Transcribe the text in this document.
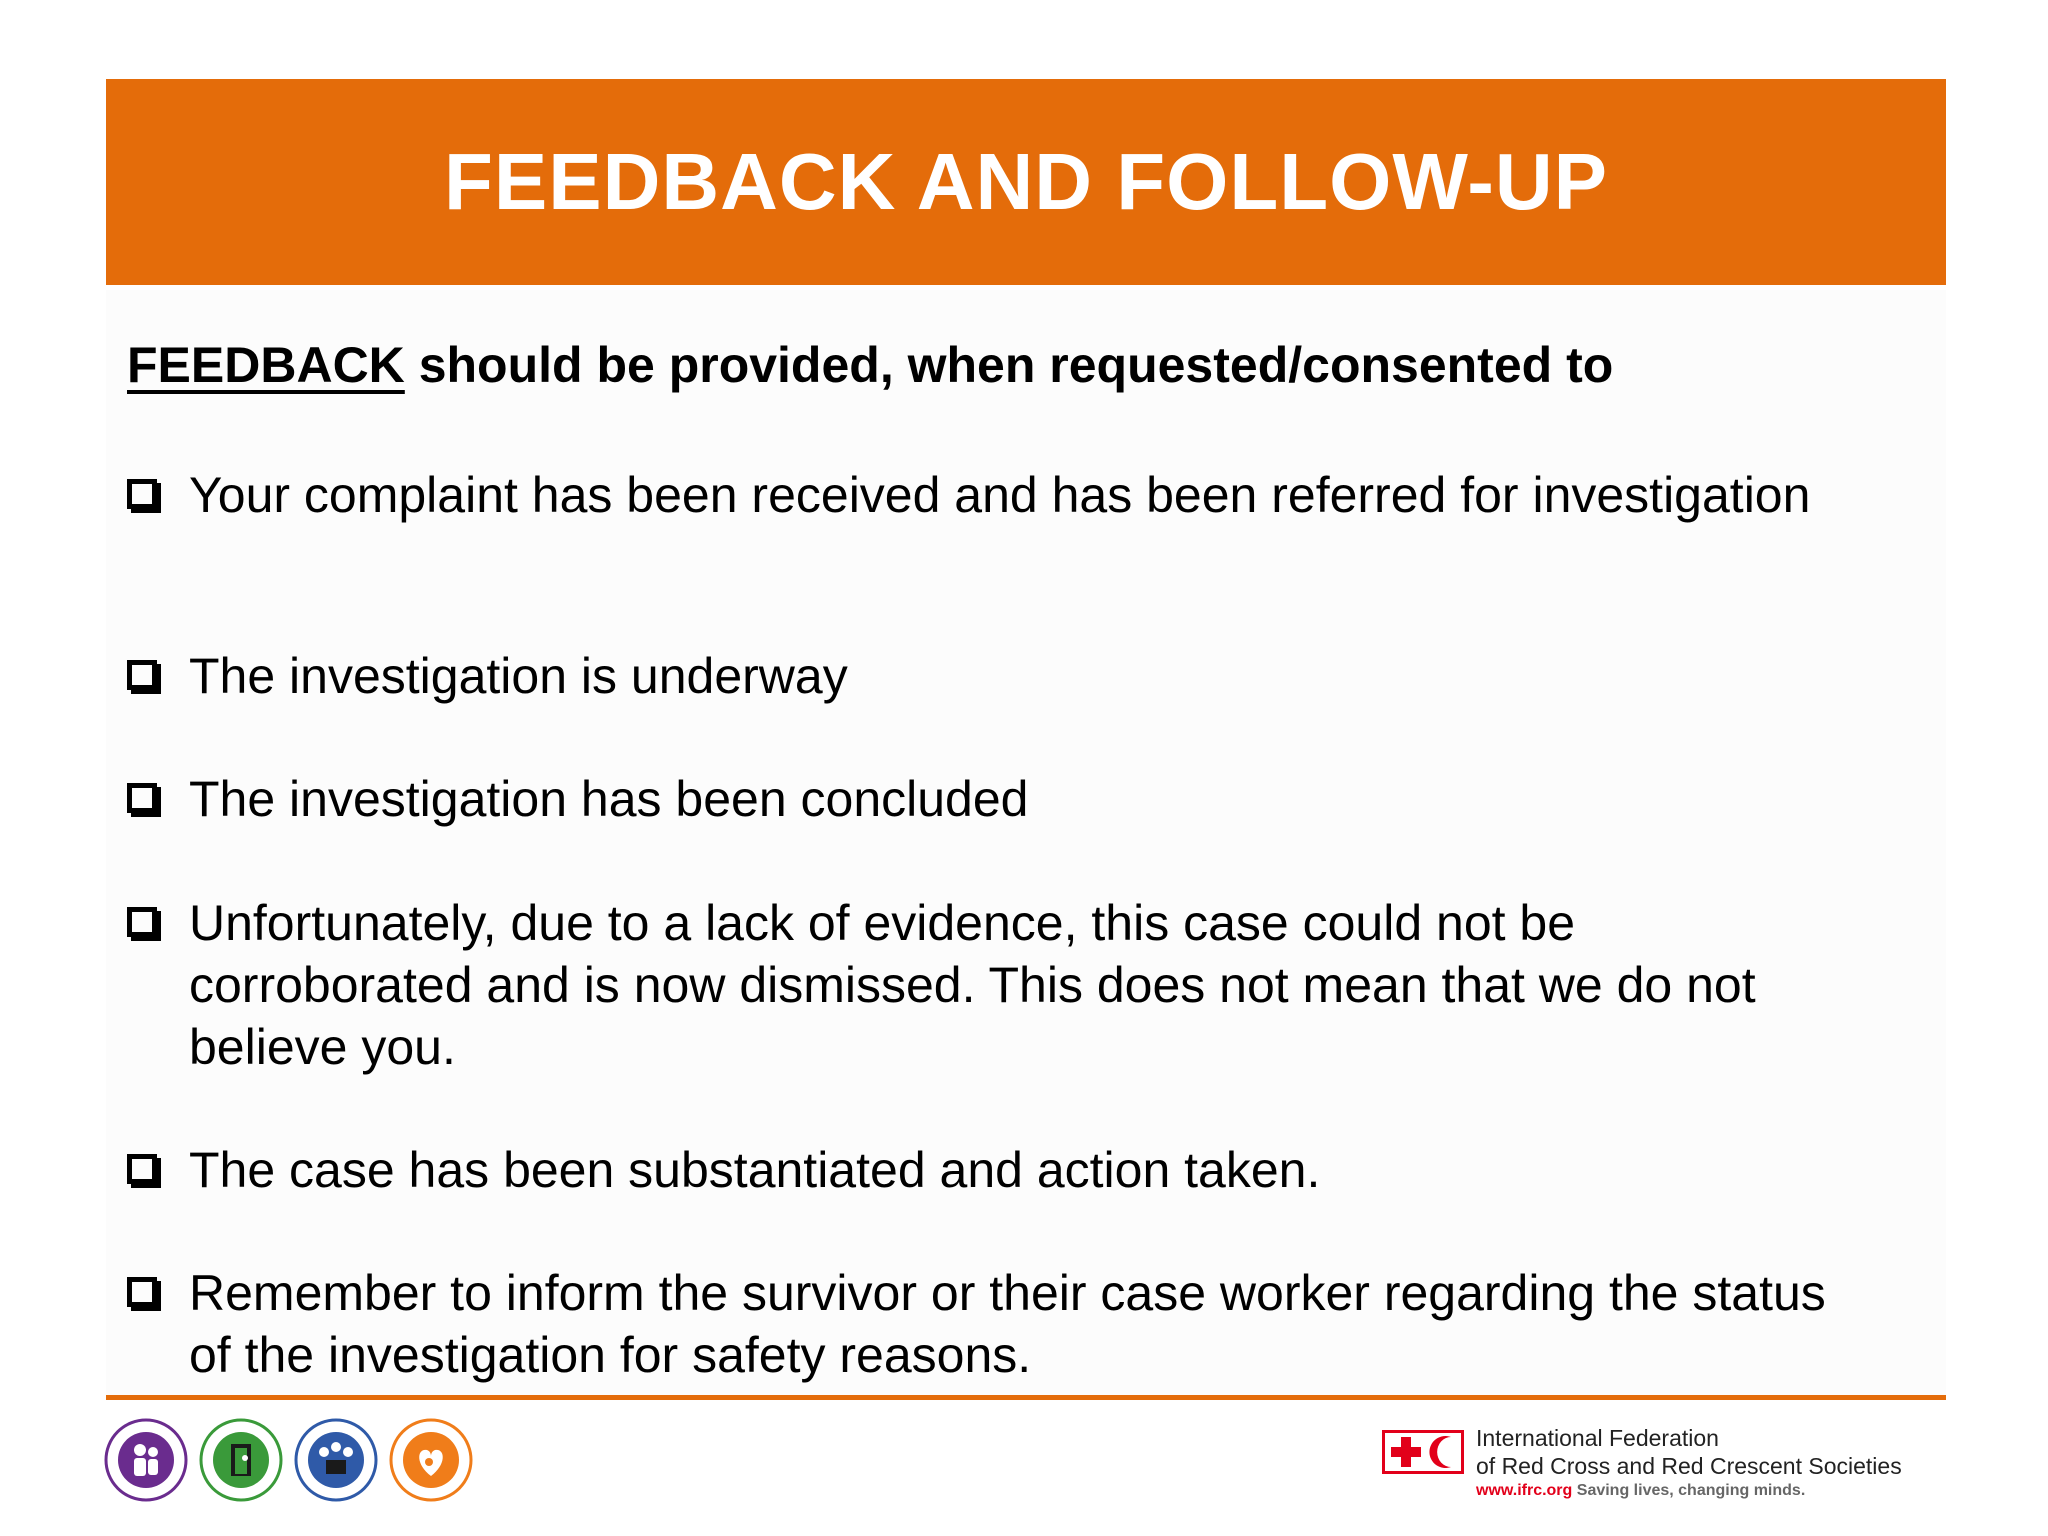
FEEDBACK AND FOLLOW-UP

FEEDBACK should be provided, when requested/consented to

Your complaint has been received and has been referred for investigation
The investigation is underway
The investigation has been concluded
Unfortunately, due to a lack of evidence, this case could not be corroborated and is now dismissed. This does not mean that we do not believe you.
The case has been substantiated and action taken.
Remember to inform the survivor or their case worker regarding the status of the investigation for safety reasons.
International Federation
of Red Cross and Red Crescent Societies
www.ifrc.org Saving lives, changing minds.
